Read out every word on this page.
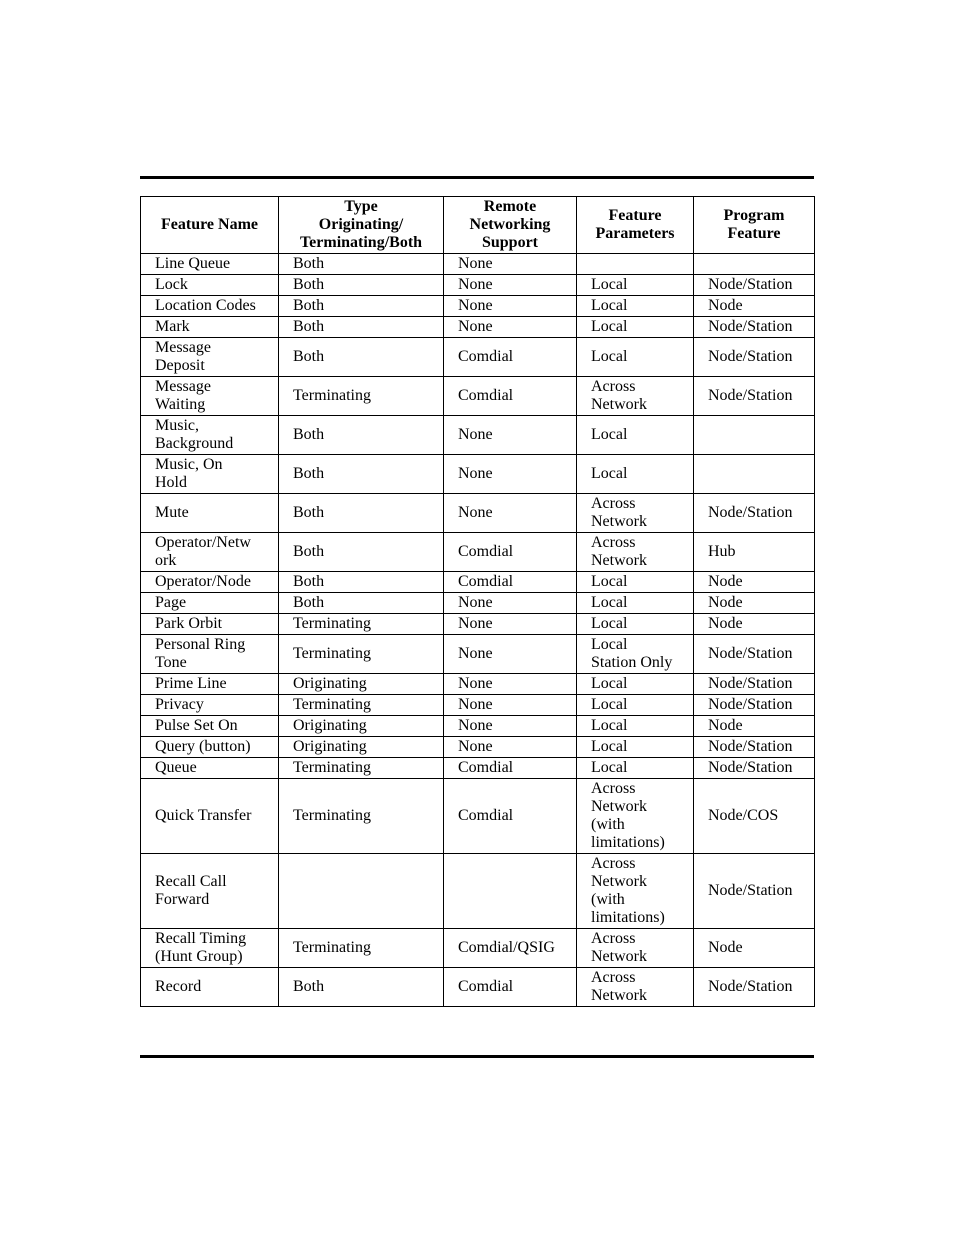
Feature Name	Type
Originating/
Terminating/Both	Remote
Networking
Support	Feature
Parameters	Program
Feature

Line Queue	Both	None		

Lock	Both	None	Local	Node/Station

Location Codes	Both	None	Local	Node

Mark	Both	None	Local	Node/Station

Message
Deposit	Both	Comdial	Local	Node/Station

Message
Waiting	Terminating	Comdial	Across
Network	Node/Station

Music,
Background	Both	None	Local	

Music, On
Hold	Both	None	Local	

Mute	Both	None	Across
Network	Node/Station

Operator/Netw
ork	Both	Comdial	Across
Network	Hub

Operator/Node	Both	Comdial	Local	Node

Page	Both	None	Local	Node

Park Orbit	Terminating	None	Local	Node

Personal Ring
Tone	Terminating	None	Local
Station Only	Node/Station

Prime Line	Originating	None	Local	Node/Station

Privacy	Terminating	None	Local	Node/Station

Pulse Set On	Originating	None	Local	Node

Query (button)	Originating	None	Local	Node/Station

Queue	Terminating	Comdial	Local	Node/Station

Quick Transfer	Terminating	Comdial	Across
Network
(with
limitations)	Node/COS

Recall Call
Forward			Across
Network
(with
limitations)	Node/Station

Recall Timing
(Hunt Group)	Terminating	Comdial/QSIG	Across
Network	Node

Record	Both	Comdial	Across
Network	Node/Station
